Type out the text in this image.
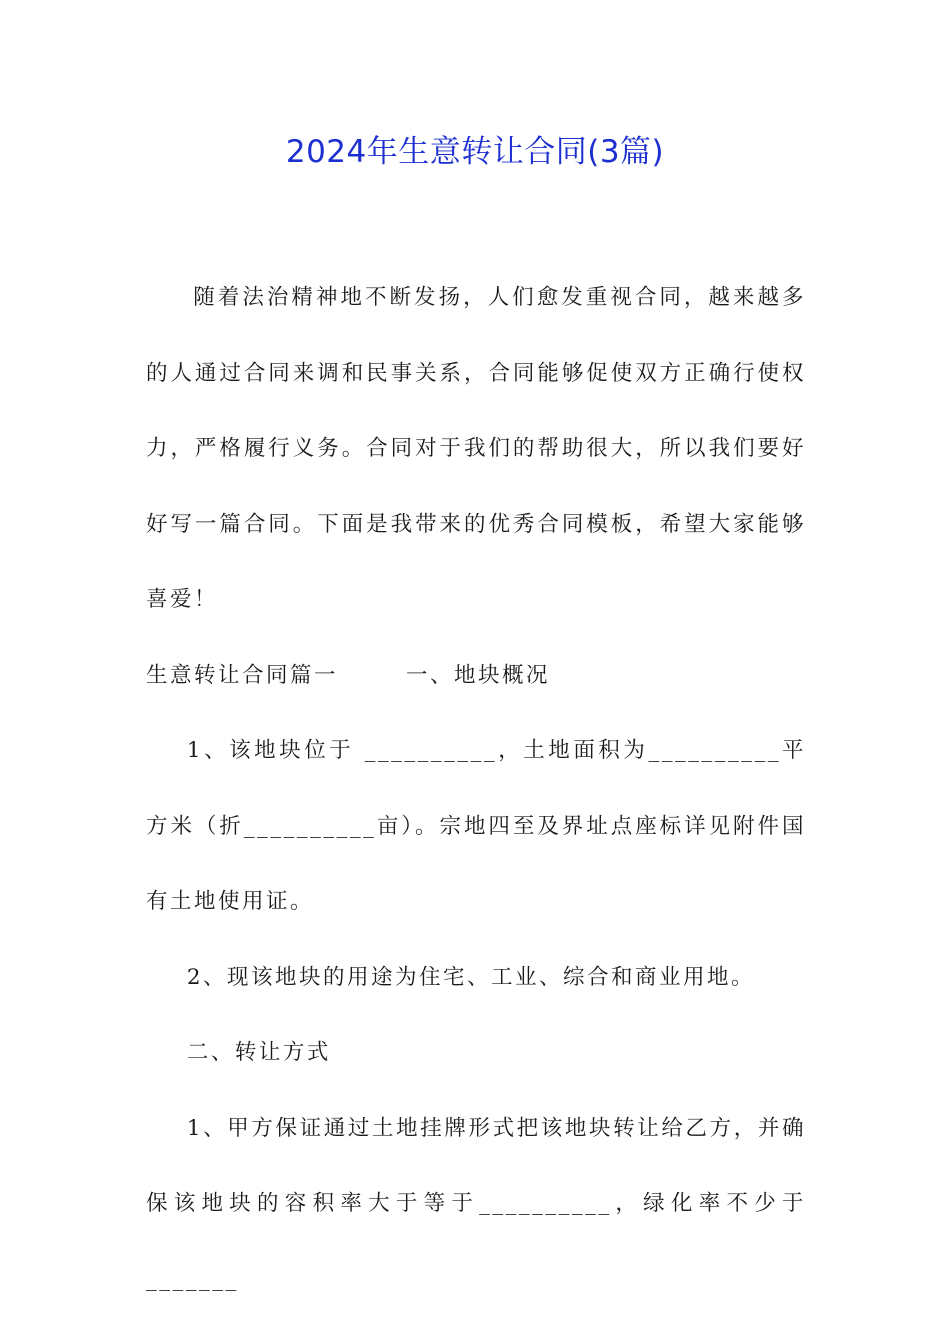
2024年生意转让合同(3篇)

随着法治精神地不断发扬，人们愈发重视合同，越来越多的人通过合同来调和民事关系，合同能够促使双方正确行使权力，严格履行义务。合同对于我们的帮助很大，所以我们要好好写一篇合同。下面是我带来的优秀合同模板，希望大家能够喜爱！

生意转让合同篇一	一、地块概况

1、该地块位于 __________，土地面积为__________平方米（折__________亩）。宗地四至及界址点座标详见附件国有土地使用证。

2、现该地块的用途为住宅、工业、综合和商业用地。

二、转让方式

1、甲方保证通过土地挂牌形式把该地块转让给乙方，并确保该地块的容积率大于等于__________，绿化率不少于_______
